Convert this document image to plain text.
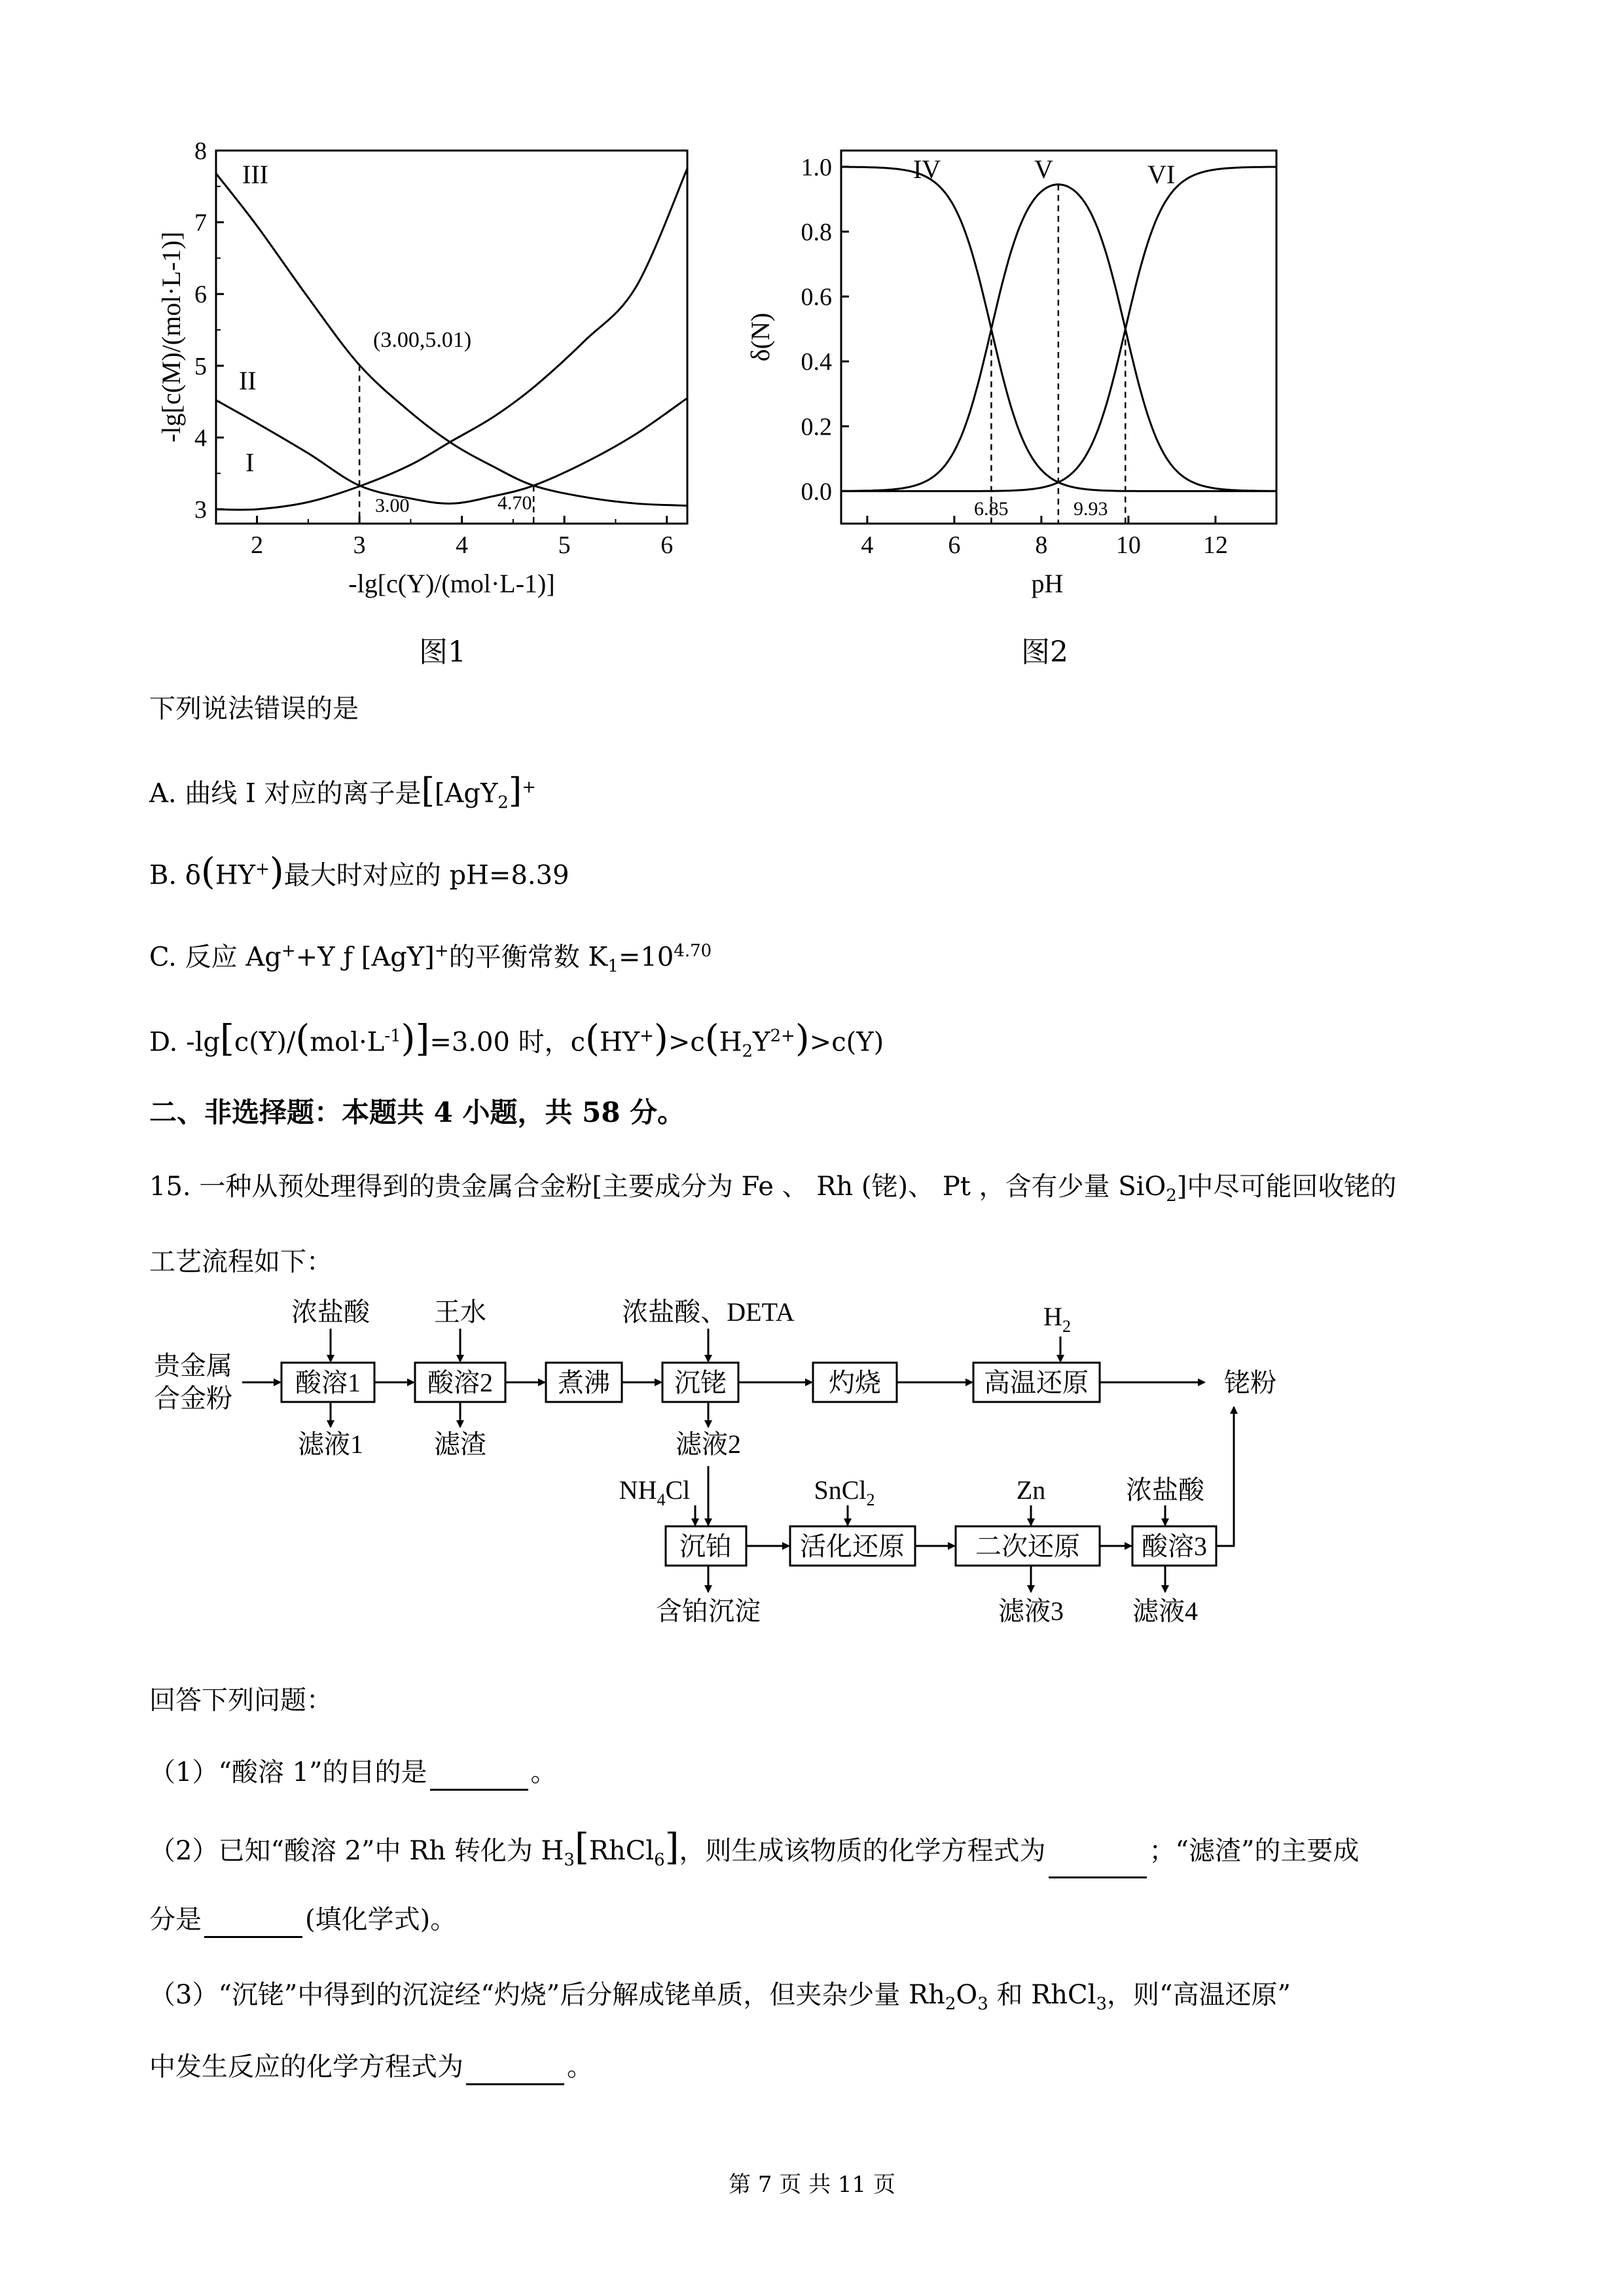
2	3	4	5	6
3
4
5
6
7
8
III
II
I
(3.00,5.01)
3.00	4.70
-lg[c(Y)/(mol·L-1)]
-lg[c(M)/(mol·L-1)]
图1
4	6	8	10	12
0.0
0.2
0.4
0.6
0.8
1.0	IV	V	VI
6.85	9.93
pH
δ(N)
图2
下列说法错误的是
A. 曲线 I 对应的离子是[[AgY$_2$]+
B. δ(HY+)最大时对应的 pH=8.39
C. 反应 Ag++Y ƒ [AgY]+的平衡常数 $K_1=10^{4.70}$
D. $-\lg[c(Y)/(mol\cdot L^{-1})]=3.00$ 时，$c(HY^+)>c(H_2Y^{2+})>c(Y)$
二、非选择题：本题共 4 小题，共 58 分。
15. 一种从预处理得到的贵金属合金粉[主要成分为 Fe 、 Rh (铑)、 Pt ，含有少量 SiO$_2$]中尽可能回收铑的
工艺流程如下：
贵金属
合金粉
浓盐酸 王水	浓盐酸、DETA	$H_2$
酸溶1	酸溶2 煮沸 沉铑	灼烧	高温还原	铑粉
滤液1	滤渣	滤液2
$NH_4Cl$	SnCl$_2$	Zn	浓盐酸
沉铂	活化还原	二次还原 酸溶3
含铂沉淀	滤液3	滤液4
回答下列问题：
（1）“酸溶 1”的目的是	。
（2）已知“酸溶 2”中 Rh 转化为 $H_3[RhCl_6]$，则生成该物质的化学方程式为	；“滤渣”的主要成
分是	(填化学式)。
（3）“沉铑”中得到的沉淀经“灼烧”后分解成铑单质，但夹杂少量 $Rh_2O_3$ 和 RhCl$_3$，则“高温还原”
中发生反应的化学方程式为	。
第 7 页 共 11 页
